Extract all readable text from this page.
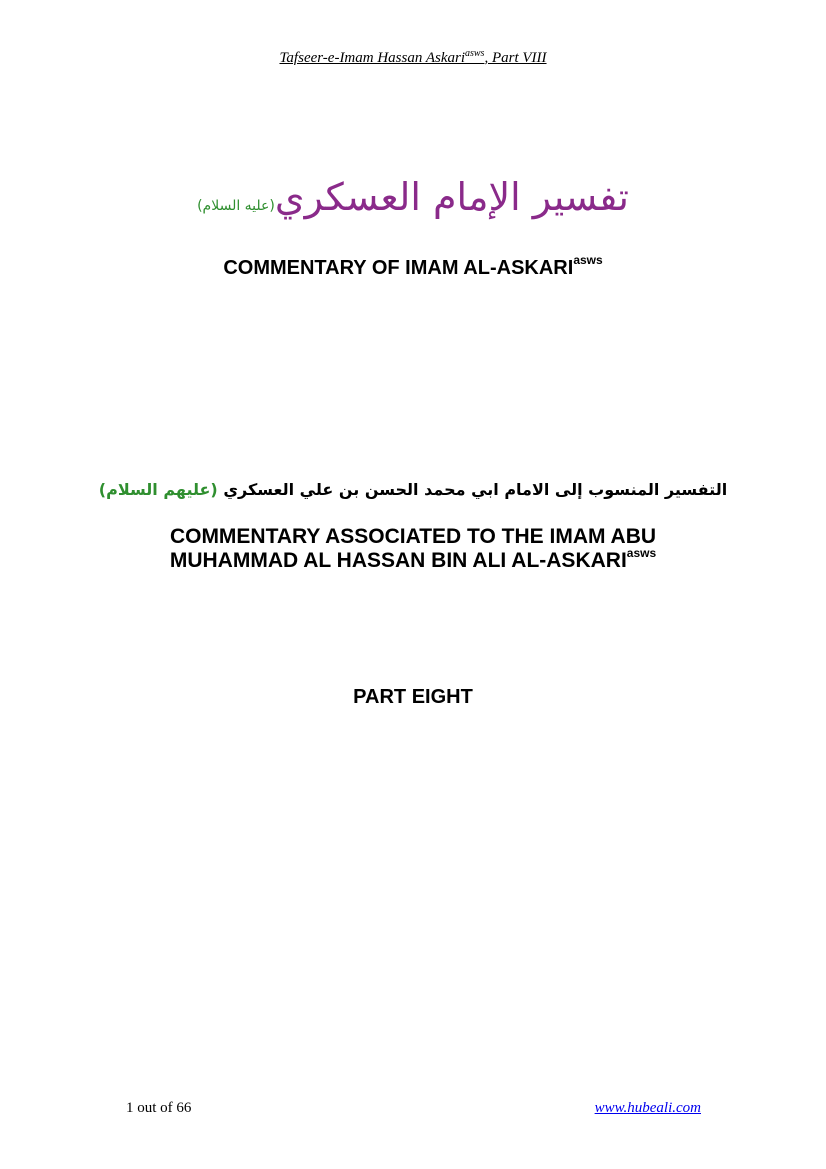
Tafseer-e-Imam Hassan Askari$^{asws}$, Part VIII
تفسير الإمام العسكري(عليه السلام)
COMMENTARY OF IMAM $AL-ASKARI^{asws}$
التفسير المنسوب إلى الامام ابي محمد الحسن بن علي العسكري (عليهم السلام)
COMMENTARY ASSOCIATED TO THE IMAM ABU
MUHAMMAD AL HASSAN BIN ALI $AL-ASKARI^{asws}$
PART EIGHT
1 out of 66	www.hubeali.com
